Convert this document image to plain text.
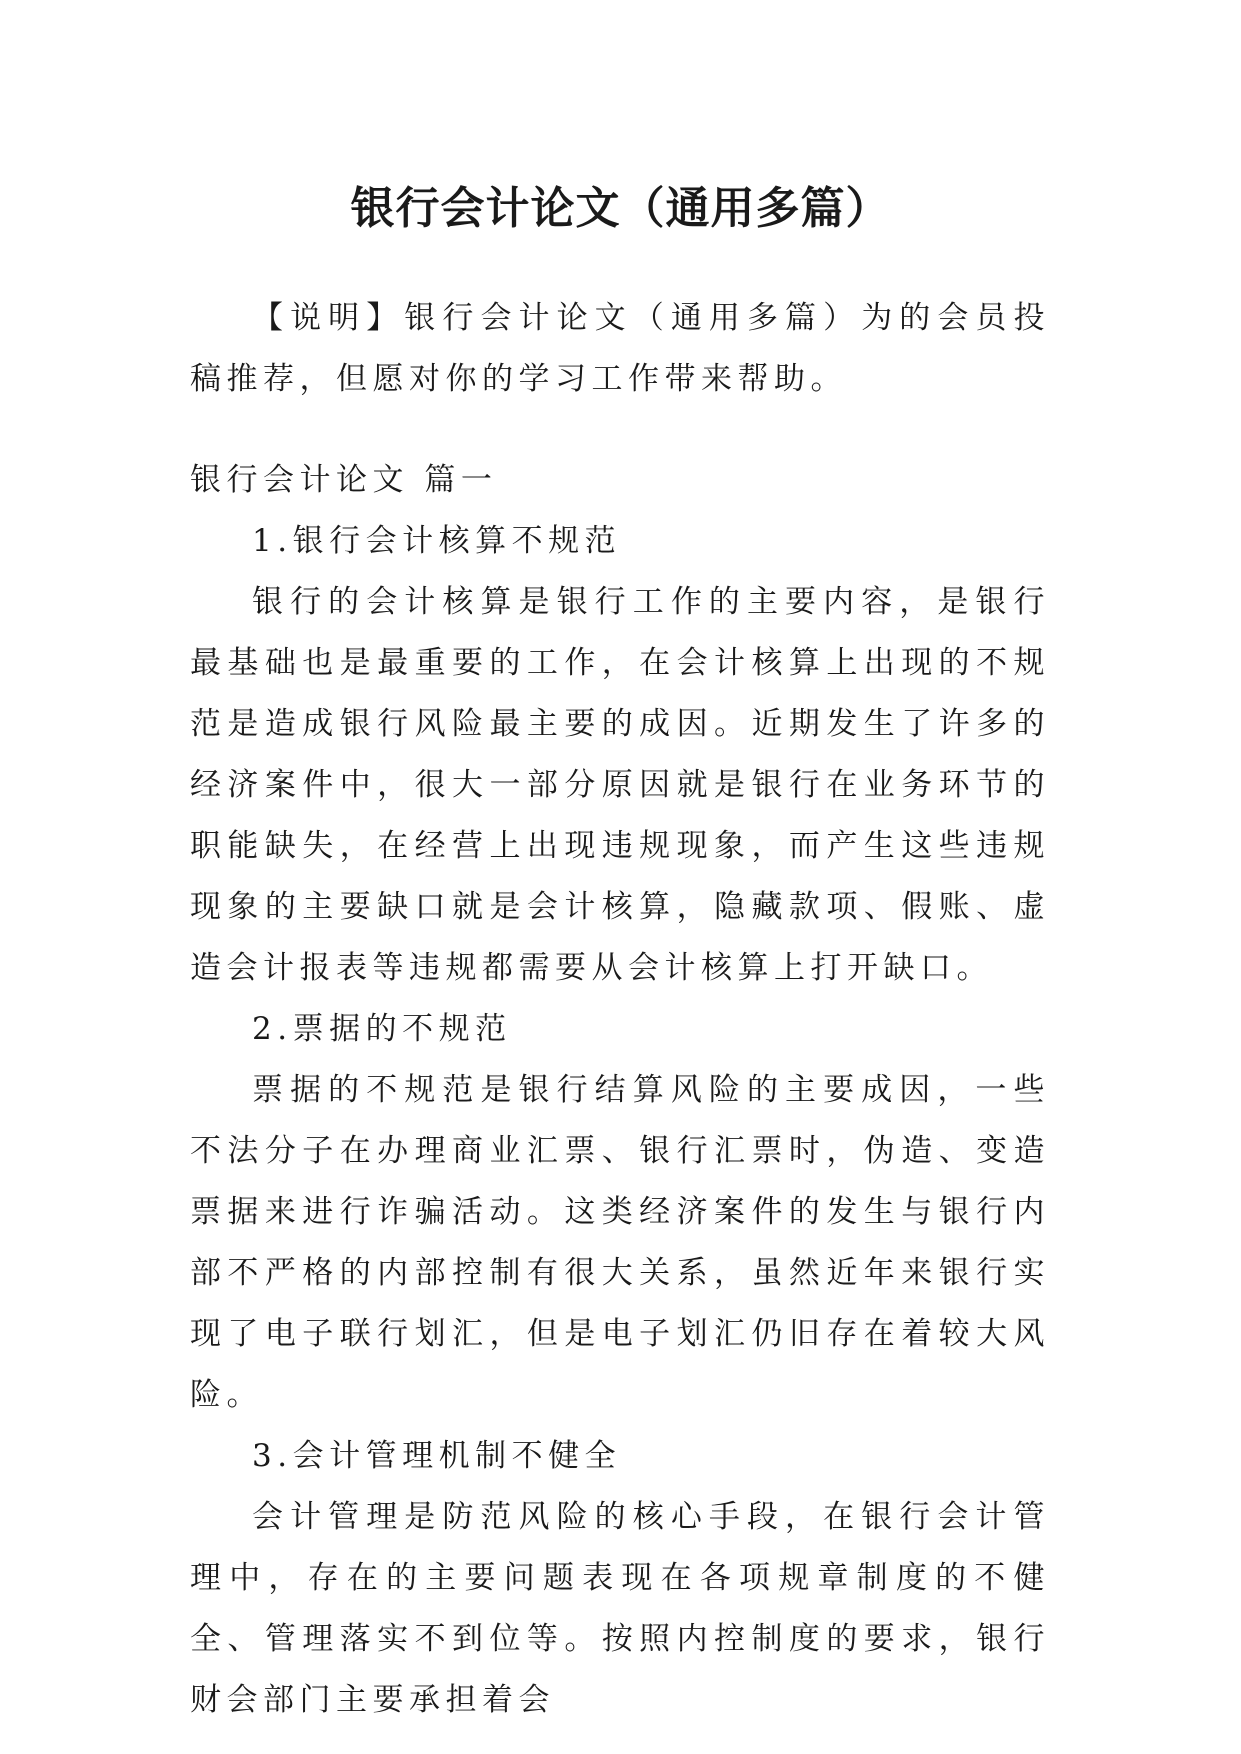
银行会计论文（通用多篇）

【说明】银行会计论文（通用多篇）为的会员投稿推荐，但愿对你的学习工作带来帮助。

银行会计论文 篇一

1.银行会计核算不规范

银行的会计核算是银行工作的主要内容，是银行最基础也是最重要的工作，在会计核算上出现的不规范是造成银行风险最主要的成因。近期发生了许多的经济案件中，很大一部分原因就是银行在业务环节的职能缺失，在经营上出现违规现象，而产生这些违规现象的主要缺口就是会计核算，隐藏款项、假账、虚造会计报表等违规都需要从会计核算上打开缺口。

2.票据的不规范

票据的不规范是银行结算风险的主要成因，一些不法分子在办理商业汇票、银行汇票时，伪造、变造票据来进行诈骗活动。这类经济案件的发生与银行内部不严格的内部控制有很大关系，虽然近年来银行实现了电子联行划汇，但是电子划汇仍旧存在着较大风险。

3.会计管理机制不健全

会计管理是防范风险的核心手段，在银行会计管理中，存在的主要问题表现在各项规章制度的不健全、管理落实不到位等。按照内控制度的要求，银行财会部门主要承担着会
